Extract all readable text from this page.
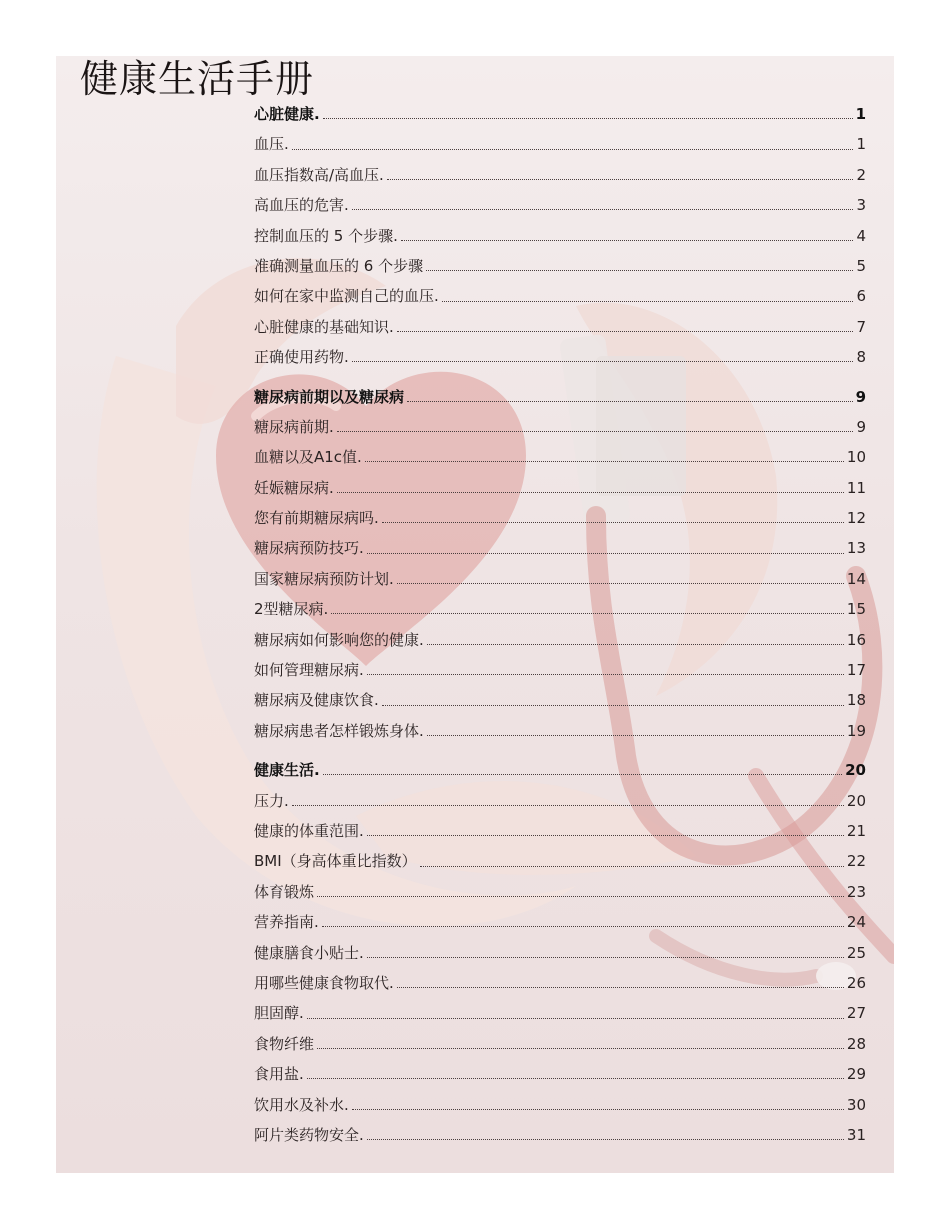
健康生活手册
心脏健康.	1
血压.	1
血压指数高/高血压.	2
高血压的危害.	3
控制血压的 5 个步骤.	4
准确测量血压的 6 个步骤	5
如何在家中监测自己的血压.	6
心脏健康的基础知识.	7
正确使用药物.	8
糖尿病前期以及糖尿病	9
糖尿病前期.	9
血糖以及A1c值.	10
妊娠糖尿病.	11
您有前期糖尿病吗.	12
糖尿病预防技巧.	13
国家糖尿病预防计划.	14
2型糖尿病.	15
糖尿病如何影响您的健康.	16
如何管理糖尿病.	17
糖尿病及健康饮食.	18
糖尿病患者怎样锻炼身体.	19
健康生活.	20
压力.	20
健康的体重范围.	21
BMI（身高体重比指数）	22
体育锻炼	23
营养指南.	24
健康膳食小贴士.	25
用哪些健康食物取代.	26
胆固醇.	27
食物纤维	28
食用盐.	29
饮用水及补水.	30
阿片类药物安全.	31
